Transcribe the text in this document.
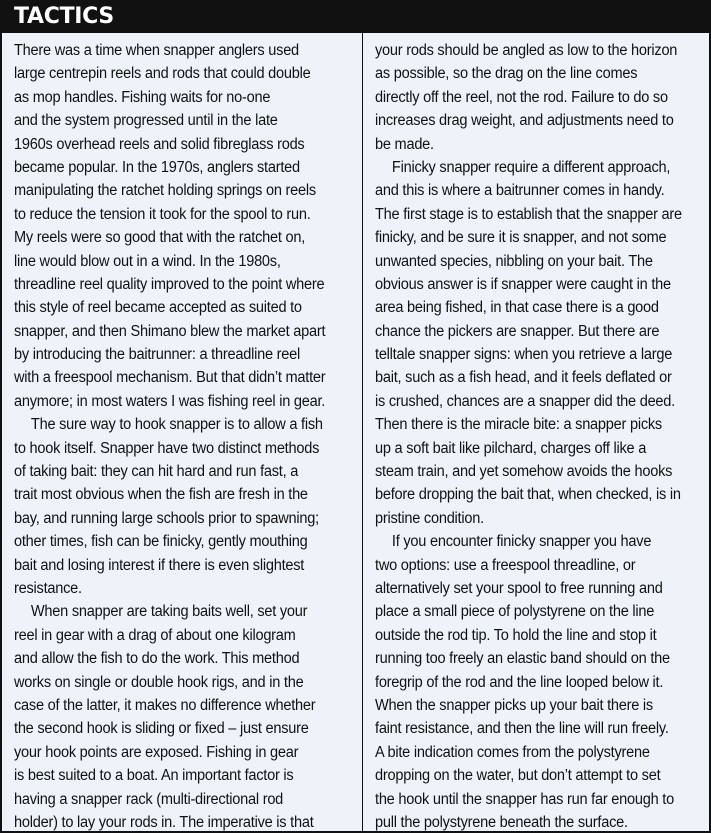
TACTICS
There was a time when snapper anglers used
large centrepin reels and rods that could double
as mop handles. Fishing waits for no-one
and the system progressed until in the late
1960s overhead reels and solid fibreglass rods
became popular. In the 1970s, anglers started
manipulating the ratchet holding springs on reels
to reduce the tension it took for the spool to run.
My reels were so good that with the ratchet on,
line would blow out in a wind. In the 1980s,
threadline reel quality improved to the point where
this style of reel became accepted as suited to
snapper, and then Shimano blew the market apart
by introducing the baitrunner: a threadline reel
with a freespool mechanism. But that didn’t matter
anymore; in most waters I was fishing reel in gear.
The sure way to hook snapper is to allow a fish
to hook itself. Snapper have two distinct methods
of taking bait: they can hit hard and run fast, a
trait most obvious when the fish are fresh in the
bay, and running large schools prior to spawning;
other times, fish can be finicky, gently mouthing
bait and losing interest if there is even slightest
resistance.
When snapper are taking baits well, set your
reel in gear with a drag of about one kilogram
and allow the fish to do the work. This method
works on single or double hook rigs, and in the
case of the latter, it makes no difference whether
the second hook is sliding or fixed – just ensure
your hook points are exposed. Fishing in gear
is best suited to a boat. An important factor is
having a snapper rack (multi-directional rod
holder) to lay your rods in. The imperative is that
your rods should be angled as low to the horizon
as possible, so the drag on the line comes
directly off the reel, not the rod. Failure to do so
increases drag weight, and adjustments need to
be made.
Finicky snapper require a different approach,
and this is where a baitrunner comes in handy.
The first stage is to establish that the snapper are
finicky, and be sure it is snapper, and not some
unwanted species, nibbling on your bait. The
obvious answer is if snapper were caught in the
area being fished, in that case there is a good
chance the pickers are snapper. But there are
telltale snapper signs: when you retrieve a large
bait, such as a fish head, and it feels deflated or
is crushed, chances are a snapper did the deed.
Then there is the miracle bite: a snapper picks
up a soft bait like pilchard, charges off like a
steam train, and yet somehow avoids the hooks
before dropping the bait that, when checked, is in
pristine condition.
If you encounter finicky snapper you have
two options: use a freespool threadline, or
alternatively set your spool to free running and
place a small piece of polystyrene on the line
outside the rod tip. To hold the line and stop it
running too freely an elastic band should on the
foregrip of the rod and the line looped below it.
When the snapper picks up your bait there is
faint resistance, and then the line will run freely.
A bite indication comes from the polystyrene
dropping on the water, but don’t attempt to set
the hook until the snapper has run far enough to
pull the polystyrene beneath the surface.
